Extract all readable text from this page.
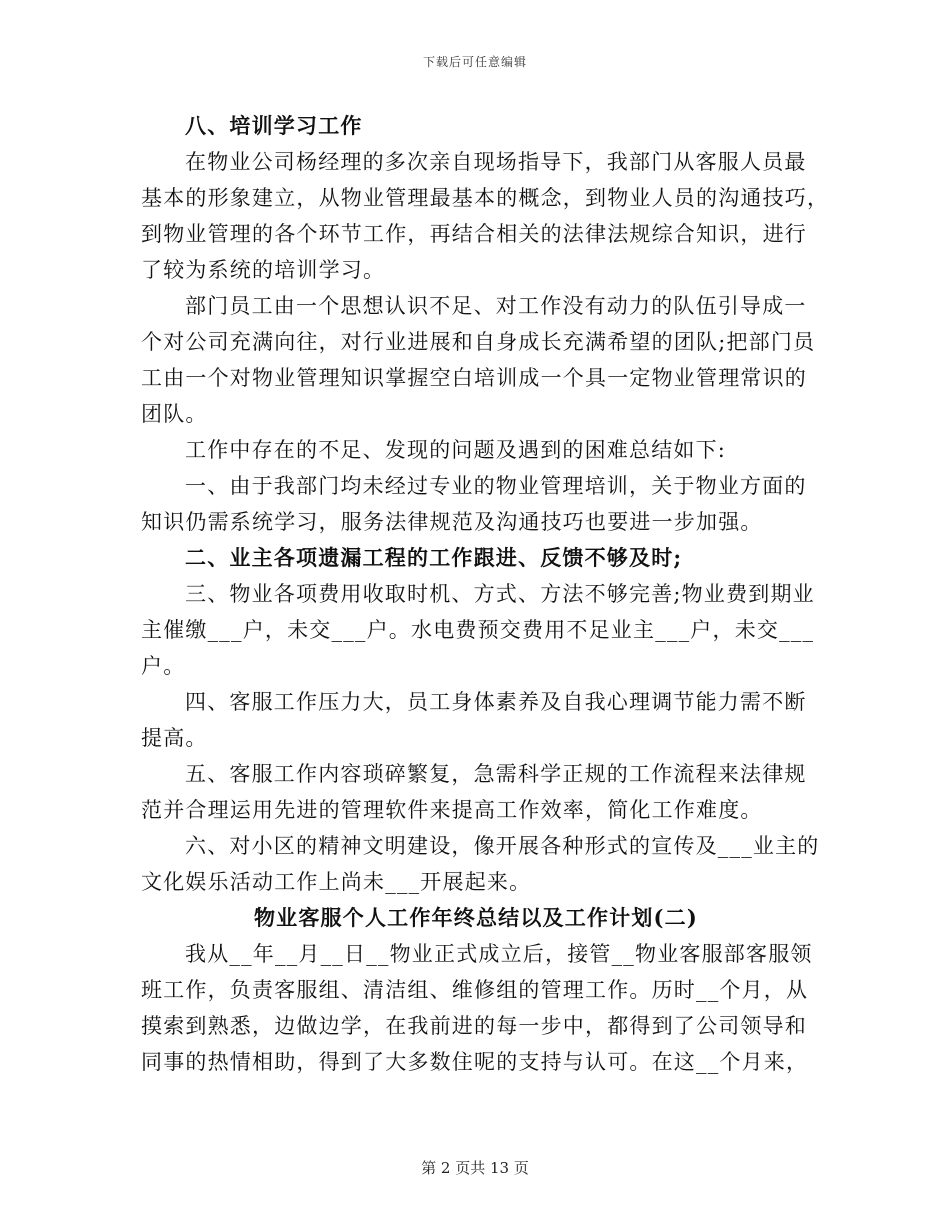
下载后可任意编辑
八、培训学习工作
在物业公司杨经理的多次亲自现场指导下，我部门从客服人员最
基本的形象建立，从物业管理最基本的概念，到物业人员的沟通技巧，
到物业管理的各个环节工作，再结合相关的法律法规综合知识，进行
了较为系统的培训学习。
部门员工由一个思想认识不足、对工作没有动力的队伍引导成一
个对公司充满向往，对行业进展和自身成长充满希望的团队;把部门员
工由一个对物业管理知识掌握空白培训成一个具一定物业管理常识的
团队。
工作中存在的不足、发现的问题及遇到的困难总结如下:
一、由于我部门均未经过专业的物业管理培训，关于物业方面的
知识仍需系统学习，服务法律规范及沟通技巧也要进一步加强。
二、业主各项遗漏工程的工作跟进、反馈不够及时;
三、物业各项费用收取时机、方式、方法不够完善;物业费到期业
主催缴___户，未交___户。水电费预交费用不足业主___户，未交___
户。
四、客服工作压力大，员工身体素养及自我心理调节能力需不断
提高。
五、客服工作内容琐碎繁复，急需科学正规的工作流程来法律规
范并合理运用先进的管理软件来提高工作效率，简化工作难度。
六、对小区的精神文明建设，像开展各种形式的宣传及___业主的
文化娱乐活动工作上尚未___开展起来。
物业客服个人工作年终总结以及工作计划(二)
我从__年__月__日__物业正式成立后，接管__物业客服部客服领
班工作，负责客服组、清洁组、维修组的管理工作。历时__个月，从
摸索到熟悉，边做边学，在我前进的每一步中，都得到了公司领导和
同事的热情相助，得到了大多数住呢的支持与认可。在这__个月来，
第 2 页共 13 页
